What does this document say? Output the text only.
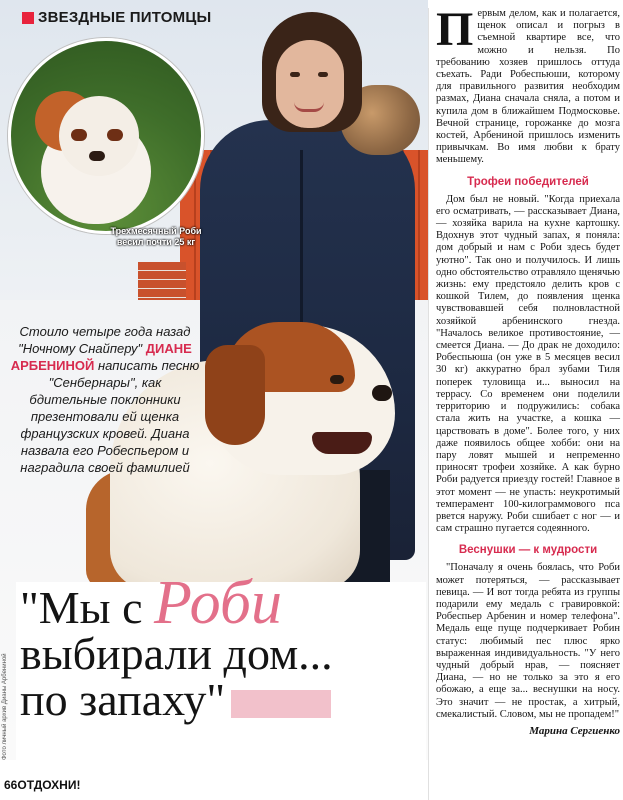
Трехмесячный Роби весил почти 25 кг
ЗВЕЗДНЫЕ ПИТОМЦЫ
Стоило четыре года назад "Ночному Снайперу" ДИАНЕ АРБЕНИНОЙ написать песню "Сенбернары", как бдительные поклонники презентовали ей щенка французских кровей. Диана назвала его Робеспьером и наградила своей фамилией
Фото личный архив Дианы Арбениной
"Мы с Роби
выбирали дом...
по запаху"
66ОТДОХНИ!

Первым делом, как и полагается, щенок описал и погрыз в съемной квартире все, что можно и нельзя. По требованию хозяев пришлось оттуда съехать. Ради Робеспьюши, которому для правильного развития необходим размах, Диана сначала сняла, а потом и купила дом в ближайшем Подмосковье. Вечной странице, горожанке до мозга костей, Арбениной пришлось изменить привычкам. Во имя любви к брату меньшему.

Трофеи победителей

Дом был не новый. "Когда приехала его осматривать, — рассказывает Диана, — хозяйка варила на кухне картошку. Вдохнув этот чудный запах, я поняла: дом добрый и нам с Роби здесь будет уютно". Так оно и получилось. И лишь одно обстоятельство отравляло щенячью жизнь: ему предстояло делить кров с кошкой Тилем, до появления щенка чувствовавшей себя полновластной хозяйкой арбенинского гнезда. "Началось великое противостояние, — смеется Диана. — До драк не доходило: Робеспьюша (он уже в 5 месяцев весил 30 кг) аккуратно брал зубами Тиля поперек туловища и... выносил на террасу. Со временем они поделили территорию и подружились: собака стала жить на участке, а кошка — царствовать в доме". Более того, у них даже появилось общее хобби: они на пару ловят мышей и непременно приносят трофеи хозяйке. А как бурно Роби радуется приезду гостей! Главное в этот момент — не упасть: неукротимый темперамент 100-килограммового пса рвется наружу. Роби сшибает с ног — и сам страшно пугается содеянного.

Веснушки — к мудрости

"Поначалу я очень боялась, что Роби может потеряться, — рассказывает певица. — И вот тогда ребята из группы подарили ему медаль с гравировкой: Робеспьер Арбенин и номер телефона". Медаль еще пуще подчеркивает Робин статус: любимый пес плюс ярко выраженная индивидуальность. "У него чудный добрый нрав, — поясняет Диана, — но не только за это я его обожаю, а еще за... веснушки на носу. Это значит — не простак, а хитрый, смекалистый. Словом, мы не пропадем!"

Марина Сергиенко
